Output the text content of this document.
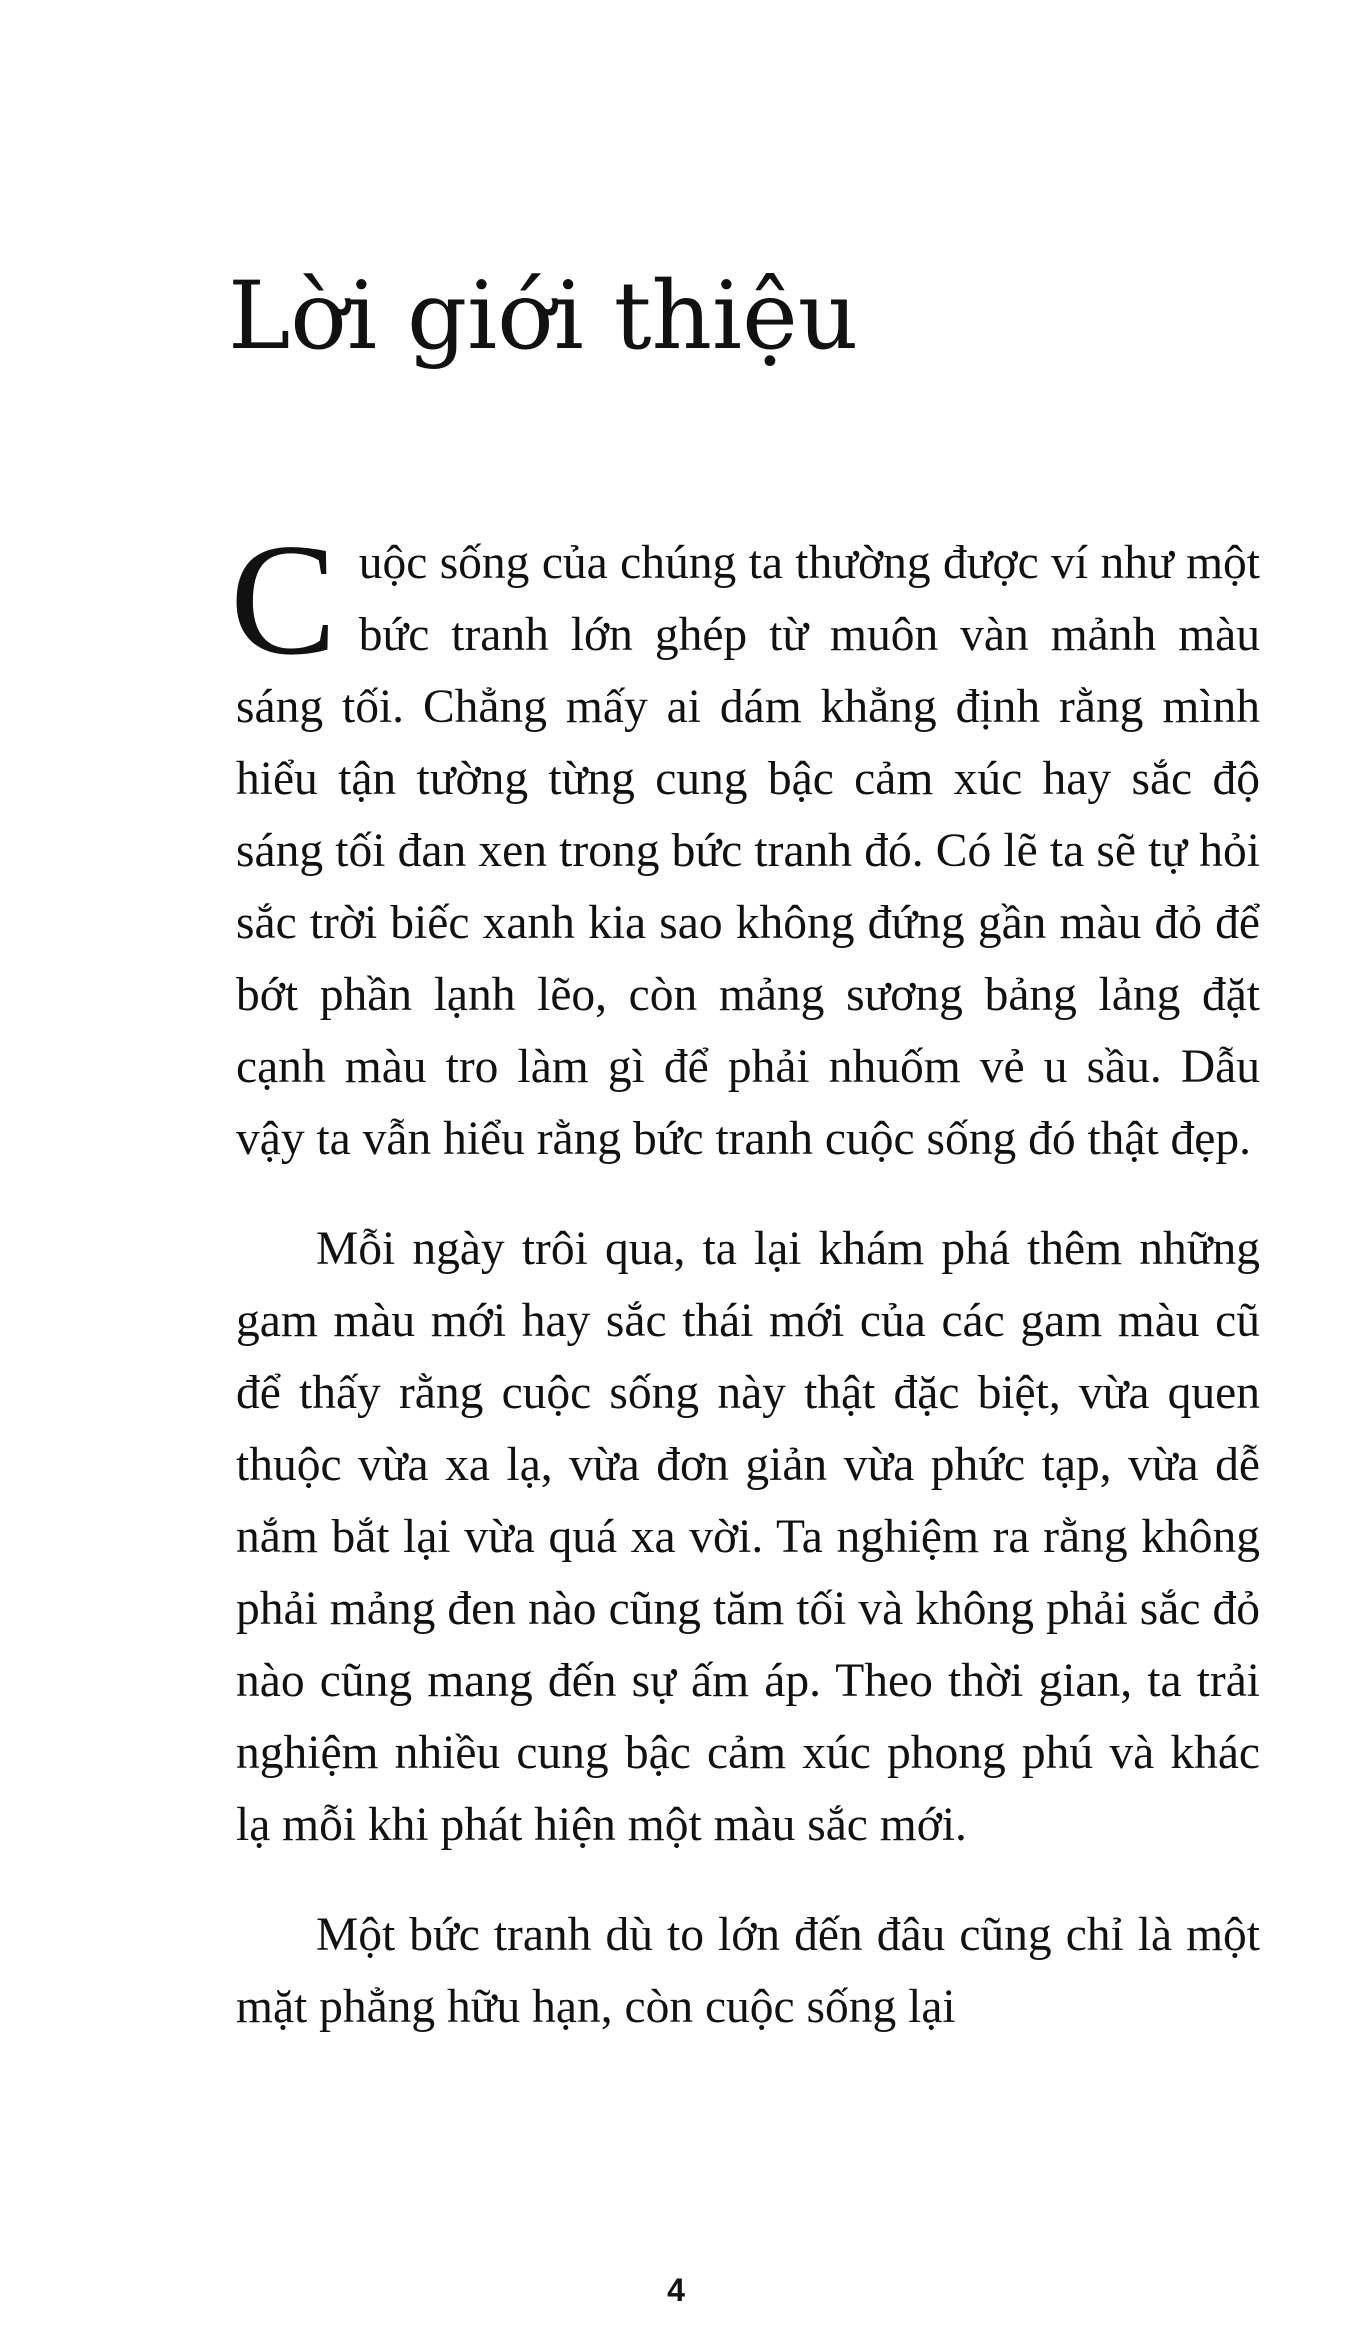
Lời giới thiệu

Cuộc sống của chúng ta thường được ví như một bức tranh lớn ghép từ muôn vàn mảnh màu sáng tối. Chẳng mấy ai dám khẳng định rằng mình hiểu tận tường từng cung bậc cảm xúc hay sắc độ sáng tối đan xen trong bức tranh đó. Có lẽ ta sẽ tự hỏi sắc trời biếc xanh kia sao không đứng gần màu đỏ để bớt phần lạnh lẽo, còn mảng sương bảng lảng đặt cạnh màu tro làm gì để phải nhuốm vẻ u sầu. Dẫu vậy ta vẫn hiểu rằng bức tranh cuộc sống đó thật đẹp.

Mỗi ngày trôi qua, ta lại khám phá thêm những gam màu mới hay sắc thái mới của các gam màu cũ để thấy rằng cuộc sống này thật đặc biệt, vừa quen thuộc vừa xa lạ, vừa đơn giản vừa phức tạp, vừa dễ nắm bắt lại vừa quá xa vời. Ta nghiệm ra rằng không phải mảng đen nào cũng tăm tối và không phải sắc đỏ nào cũng mang đến sự ấm áp. Theo thời gian, ta trải nghiệm nhiều cung bậc cảm xúc phong phú và khác lạ mỗi khi phát hiện một màu sắc mới.

Một bức tranh dù to lớn đến đâu cũng chỉ là một mặt phẳng hữu hạn, còn cuộc sống lại

4
